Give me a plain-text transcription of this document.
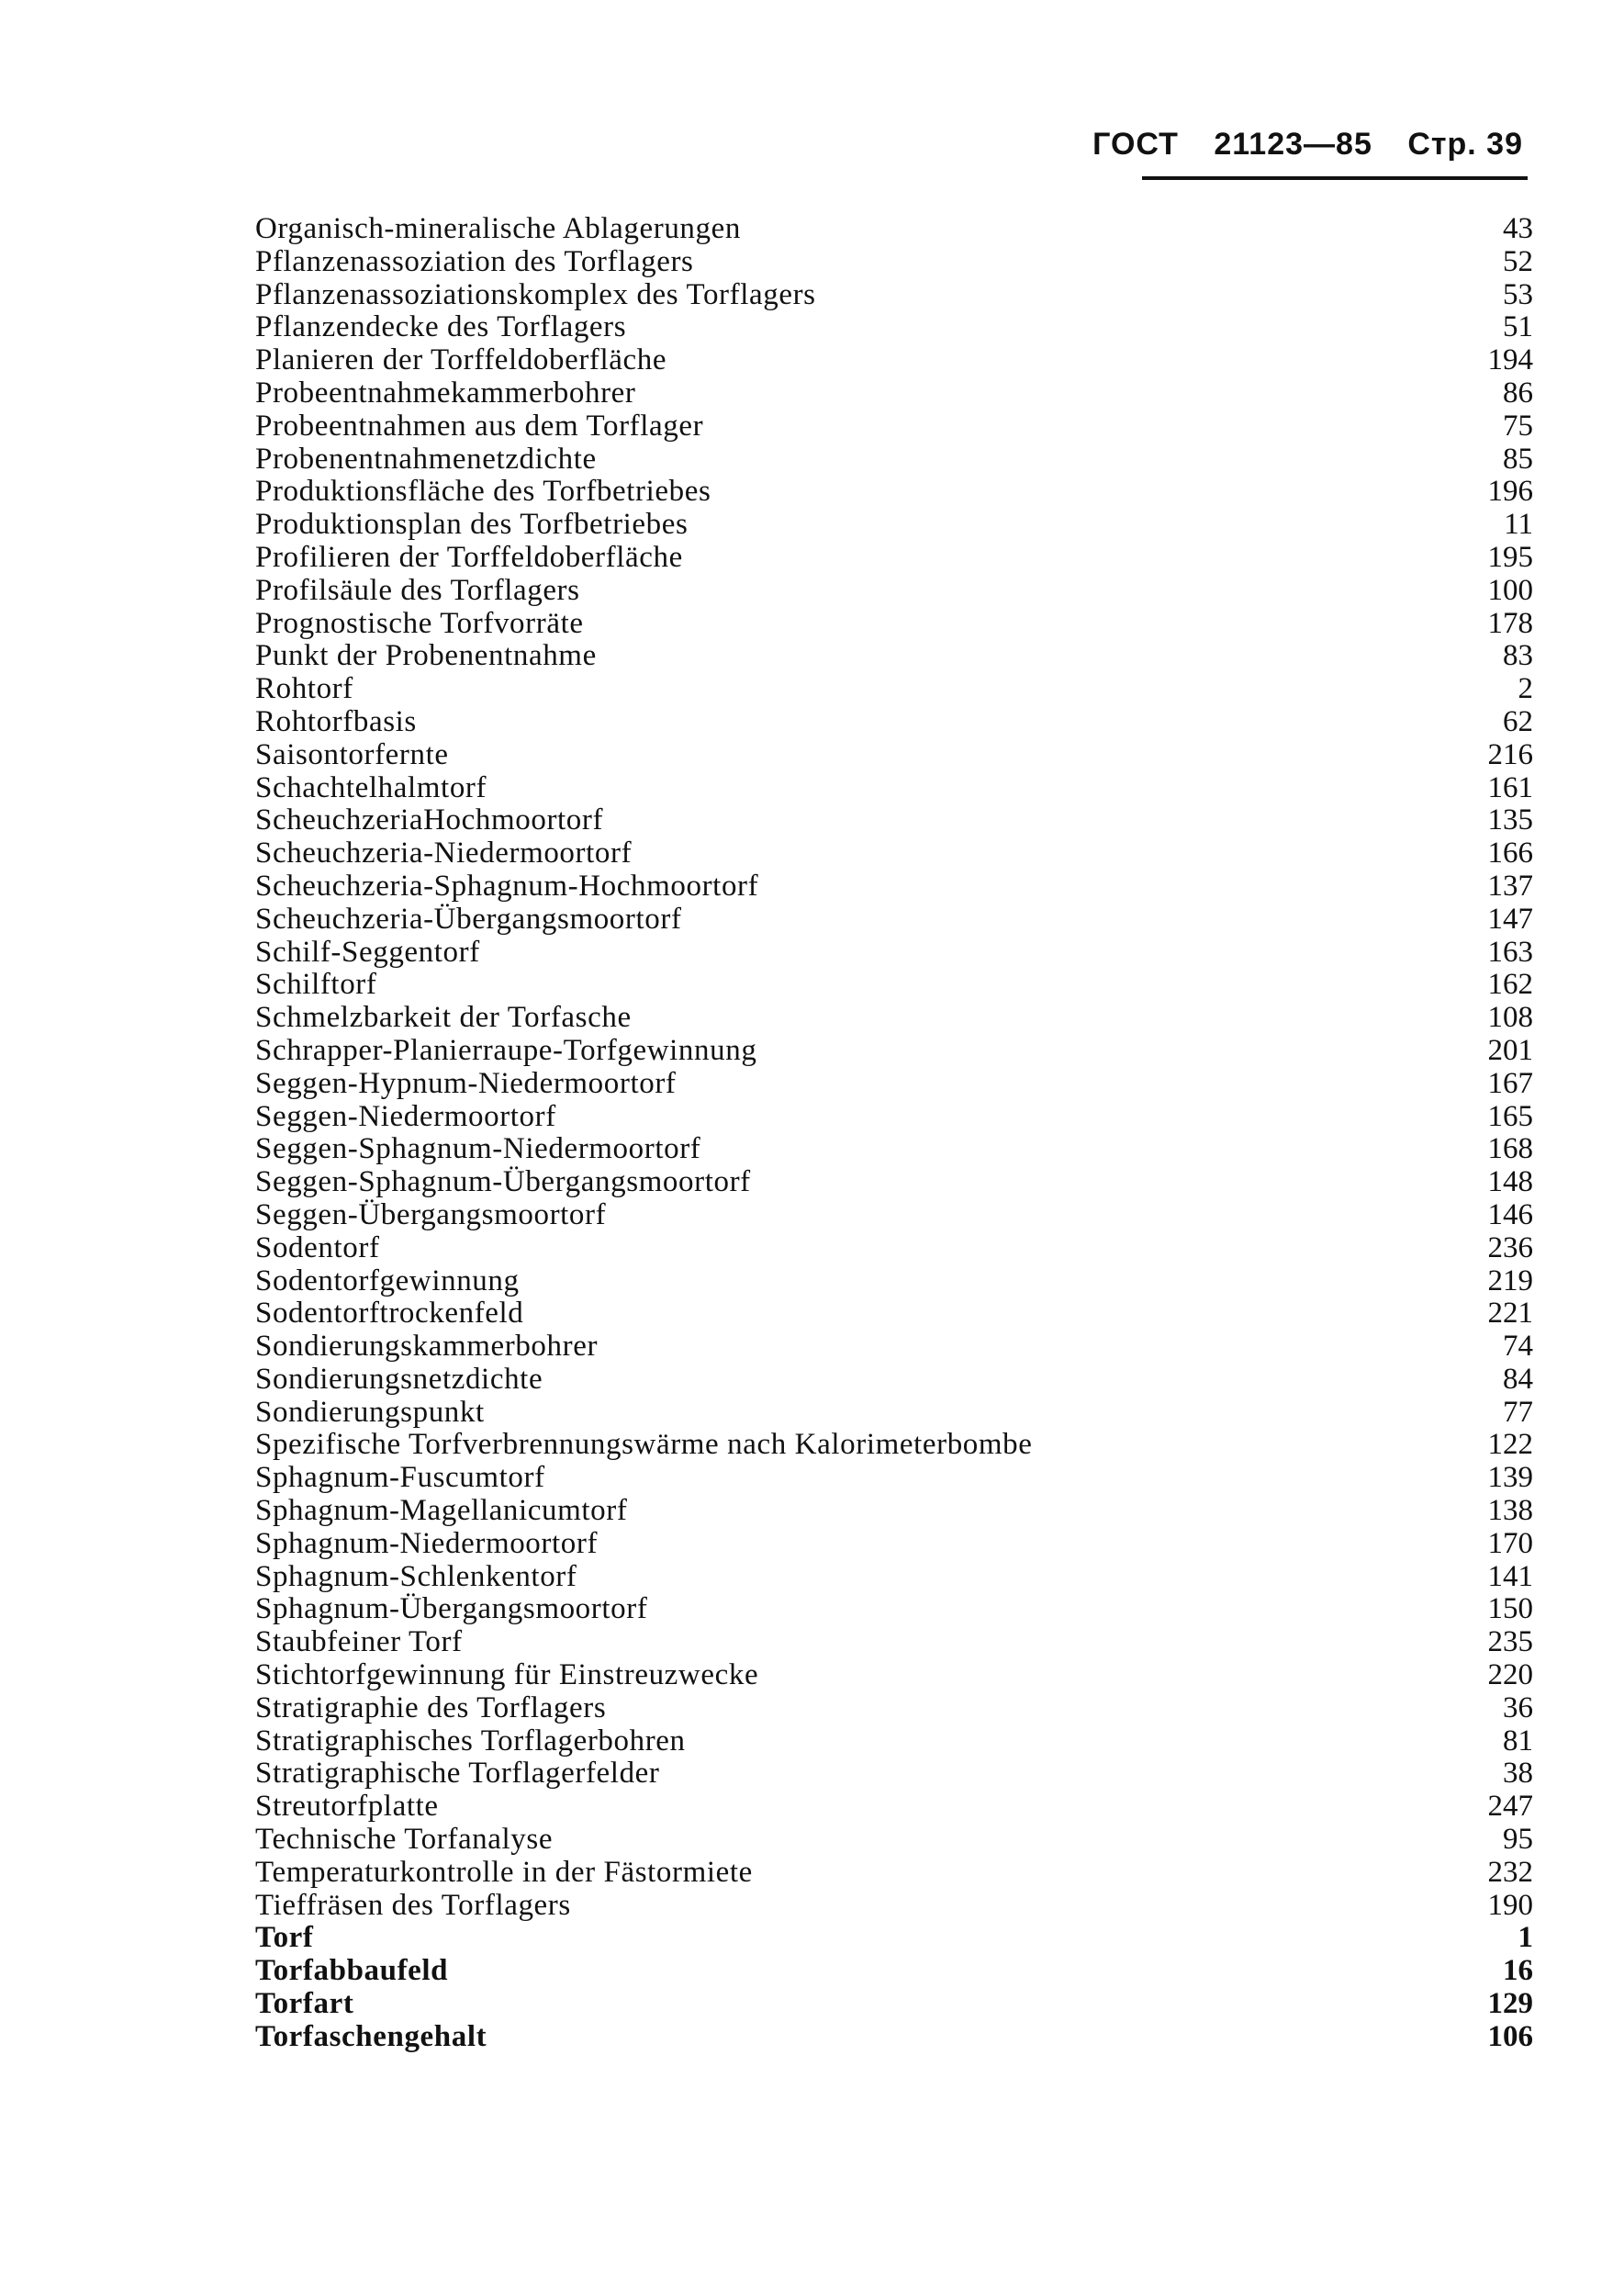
ГОСТ 21123—85 Стр. 39
Organisch-mineralische Ablagerungen	43
Pflanzenassoziation des Torflagers	52
Pflanzenassoziationskomplex des Torflagers	53
Pflanzendecke des Torflagers	51
Planieren der Torffeldoberfläche	194
Probeentnahmekammerbohrer	86
Probeentnahmen aus dem Torflager	75
Probenentnahmenetzdichte	85
Produktionsfläche des Torfbetriebes	196
Produktionsplan des Torfbetriebes	11
Profilieren der Torffeldoberfläche	195
Profilsäule des Torflagers	100
Prognostische Torfvorräte	178
Punkt der Probenentnahme	83
Rohtorf	2
Rohtorfbasis	62
Saisontorfernte	216
Schachtelhalmtorf	161
ScheuchzeriaHochmoortorf	135
Scheuchzeria-Niedermoortorf	166
Scheuchzeria-Sphagnum-Hochmoortorf	137
Scheuchzeria-Übergangsmoortorf	147
Schilf-Seggentorf	163
Schilftorf	162
Schmelzbarkeit der Torfasche	108
Schrapper-Planierraupe-Torfgewinnung	201
Seggen-Hypnum-Niedermoortorf	167
Seggen-Niedermoortorf	165
Seggen-Sphagnum-Niedermoortorf	168
Seggen-Sphagnum-Übergangsmoortorf	148
Seggen-Übergangsmoortorf	146
Sodentorf	236
Sodentorfgewinnung	219
Sodentorftrockenfeld	221
Sondierungskammerbohrer	74
Sondierungsnetzdichte	84
Sondierungspunkt	77
Spezifische Torfverbrennungswärme nach Kalorimeterbombe	122
Sphagnum-Fuscumtorf	139
Sphagnum-Magellanicumtorf	138
Sphagnum-Niedermoortorf	170
Sphagnum-Schlenkentorf	141
Sphagnum-Übergangsmoortorf	150
Staubfeiner Torf	235
Stichtorfgewinnung für Einstreuzwecke	220
Stratigraphie des Torflagers	36
Stratigraphisches Torflagerbohren	81
Stratigraphische Torflagerfelder	38
Streutorfplatte	247
Technische Torfanalyse	95
Temperaturkontrolle in der Fästormiete	232
Tieffräsen des Torflagers	190
Torf	1
Torfabbaufeld	16
Torfart	129
Torfaschengehalt	106
